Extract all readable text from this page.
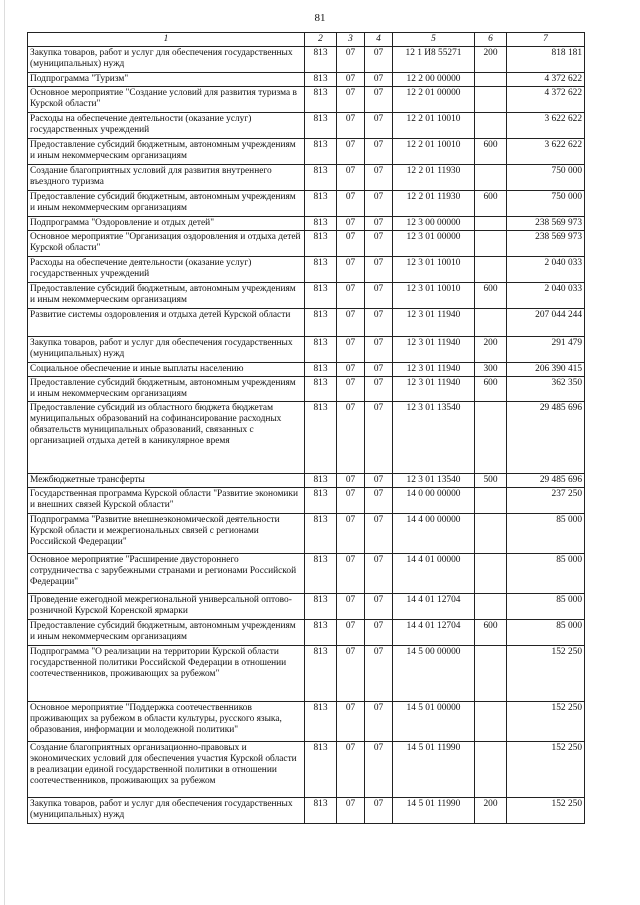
81
1	2	3	4	5	6	7
Закупка товаров, работ и услуг для обеспечения государственных (муниципальных) нужд	813	07	07	12 1 И8 55271	200	818 181
Подпрограмма "Туризм"	813	07	07	12 2 00 00000		4 372 622
Основное мероприятие "Создание условий для развития туризма в Курской области"	813	07	07	12 2 01 00000		4 372 622
Расходы на обеспечение деятельности (оказание услуг) государственных учреждений	813	07	07	12 2 01 10010		3 622 622
Предоставление субсидий бюджетным, автономным учреждениям и иным некоммерческим организациям	813	07	07	12 2 01 10010	600	3 622 622
Создание благоприятных условий для развития внутреннего въездного туризма	813	07	07	12 2 01 11930		750 000
Предоставление субсидий бюджетным, автономным учреждениям и иным некоммерческим организациям	813	07	07	12 2 01 11930	600	750 000
Подпрограмма "Оздоровление и отдых детей"	813	07	07	12 3 00 00000		238 569 973
Основное мероприятие "Организация оздоровления и отдыха детей Курской области"	813	07	07	12 3 01 00000		238 569 973
Расходы на обеспечение деятельности (оказание услуг) государственных учреждений	813	07	07	12 3 01 10010		2 040 033
Предоставление субсидий бюджетным, автономным учреждениям и иным некоммерческим организациям	813	07	07	12 3 01 10010	600	2 040 033
Развитие системы оздоровления и отдыха детей Курской области	813	07	07	12 3 01 11940		207 044 244
Закупка товаров, работ и услуг для обеспечения государственных (муниципальных) нужд	813	07	07	12 3 01 11940	200	291 479
Социальное обеспечение и иные выплаты населению	813	07	07	12 3 01 11940	300	206 390 415
Предоставление субсидий бюджетным, автономным учреждениям и иным некоммерческим организациям	813	07	07	12 3 01 11940	600	362 350
Предоставление субсидий из областного бюджета бюджетам муниципальных образований на софинансирование расходных обязательств муниципальных образований, связанных с организацией отдыха детей в каникулярное время	813	07	07	12 3 01 13540		29 485 696
Межбюджетные трансферты	813	07	07	12 3 01 13540	500	29 485 696
Государственная программа Курской области "Развитие экономики и внешних связей Курской области"	813	07	07	14 0 00 00000		237 250
Подпрограмма "Развитие внешнеэкономической деятельности Курской области и межрегиональных связей с регионами Российской Федерации"	813	07	07	14 4 00 00000		85 000
Основное мероприятие "Расширение двустороннего сотрудничества с зарубежными странами и регионами Российской Федерации"	813	07	07	14 4 01 00000		85 000
Проведение ежегодной межрегиональной универсальной оптово-розничной Курской Коренской ярмарки	813	07	07	14 4 01 12704		85 000
Предоставление субсидий бюджетным, автономным учреждениям и иным некоммерческим организациям	813	07	07	14 4 01 12704	600	85 000
Подпрограмма "О реализации на территории Курской области государственной политики Российской Федерации в отношении соотечественников, проживающих за рубежом"	813	07	07	14 5 00 00000		152 250
Основное мероприятие "Поддержка соотечественников проживающих за рубежом в области культуры, русского языка, образования, информации и молодежной политики"	813	07	07	14 5 01 00000		152 250
Создание благоприятных организационно-правовых и экономических условий для обеспечения участия Курской области в реализации единой государственной политики в отношении соотечественников, проживающих за рубежом	813	07	07	14 5 01 11990		152 250
Закупка товаров, работ и услуг для обеспечения государственных (муниципальных) нужд	813	07	07	14 5 01 11990	200	152 250
